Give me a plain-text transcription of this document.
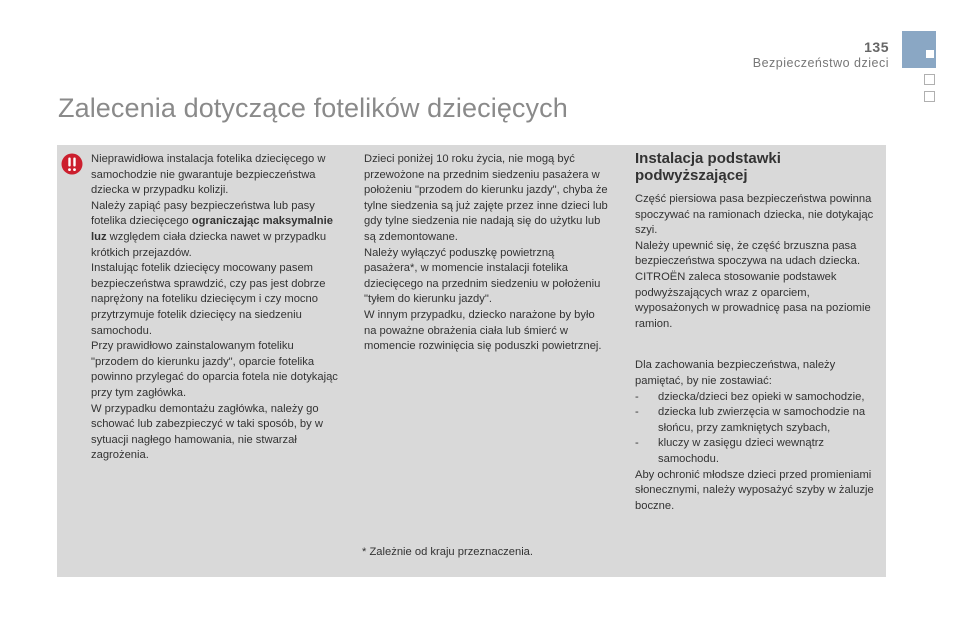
135
Bezpieczeństwo dzieci
Zalecenia dotyczące fotelików dziecięcych

Nieprawidłowa instalacja fotelika dziecięcego w samochodzie nie gwarantuje bezpieczeństwa dziecka w przypadku kolizji.

Należy zapiąć pasy bezpieczeństwa lub pasy fotelika dziecięcego ograniczając maksymalnie luz względem ciała dziecka nawet w przypadku krótkich przejazdów.

Instalując fotelik dziecięcy mocowany pasem bezpieczeństwa sprawdzić, czy pas jest dobrze naprężony na foteliku dziecięcym i czy mocno przytrzymuje fotelik dziecięcy na siedzeniu samochodu.

Przy prawidłowo zainstalowanym foteliku "przodem do kierunku jazdy", oparcie fotelika powinno przylegać do oparcia fotela nie dotykając przy tym zagłówka.

W przypadku demontażu zagłówka, należy go schować lub zabezpieczyć w taki sposób, by w sytuacji nagłego hamowania, nie stwarzał zagrożenia.

Dzieci poniżej 10 roku życia, nie mogą być przewożone na przednim siedzeniu pasażera w położeniu "przodem do kierunku jazdy", chyba że tylne siedzenia są już zajęte przez inne dzieci lub gdy tylne siedzenia nie nadają się do użytku lub są zdemontowane.

Należy wyłączyć poduszkę powietrzną pasażera*, w momencie instalacji fotelika dziecięcego na przednim siedzeniu w położeniu "tyłem do kierunku jazdy".

W innym przypadku, dziecko narażone by było na poważne obrażenia ciała lub śmierć w momencie rozwinięcia się poduszki powietrznej.

Instalacja podstawki podwyższającej

Część piersiowa pasa bezpieczeństwa powinna spoczywać na ramionach dziecka, nie dotykając szyi.

Należy upewnić się, że część brzuszna pasa bezpieczeństwa spoczywa na udach dziecka.

CITROËN zaleca stosowanie podstawek podwyższających wraz z oparciem, wyposażonych w prowadnicę pasa na poziomie ramion.

Dla zachowania bezpieczeństwa, należy pamiętać, by nie zostawiać:

- dziecka/dzieci bez opieki w samochodzie,

- dziecka lub zwierzęcia w samochodzie na słońcu, przy zamkniętych szybach,

- kluczy w zasięgu dzieci wewnątrz samochodu.

Aby ochronić młodsze dzieci przed promieniami słonecznymi, należy wyposażyć szyby w żaluzje boczne.

* Zależnie od kraju przeznaczenia.
